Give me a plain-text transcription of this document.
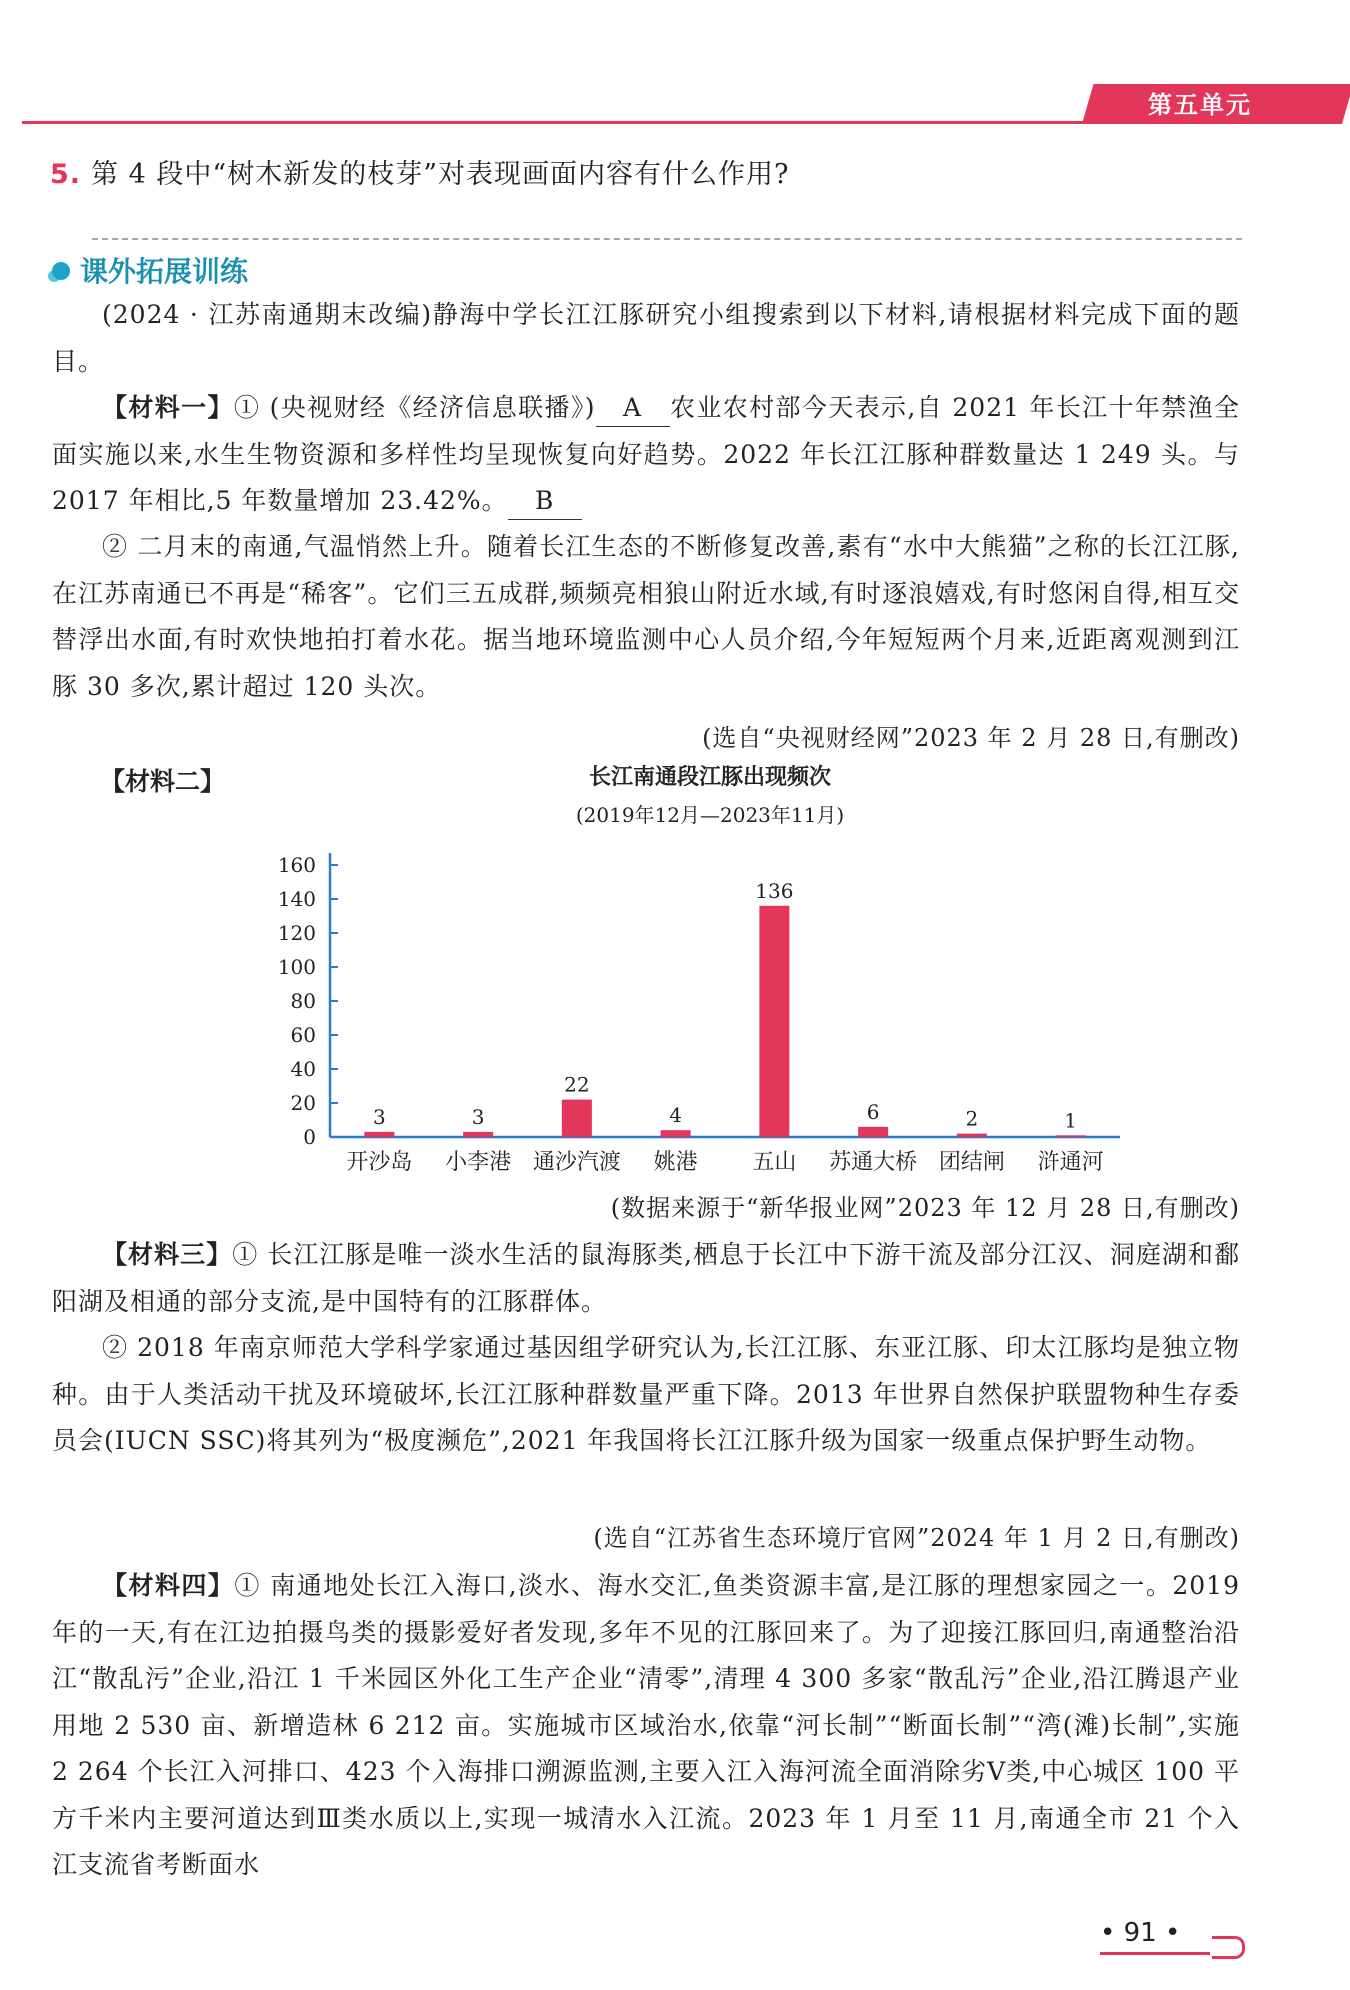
第五单元
5. 第 4 段中“树木新发的枝芽”对表现画面内容有什么作用?
课外拓展训练

(2024 · 江苏南通期末改编)静海中学长江江豚研究小组搜索到以下材料,请根据材料完成下面的题目。

【材料一】① (央视财经《经济信息联播》) A 农业农村部今天表示,自 2021 年长江十年禁渔全面实施以来,水生生物资源和多样性均呈现恢复向好趋势。2022 年长江江豚种群数量达 1 249 头。与 2017 年相比,5 年数量增加 23.42%。 B

② 二月末的南通,气温悄然上升。随着长江生态的不断修复改善,素有“水中大熊猫”之称的长江江豚,在江苏南通已不再是“稀客”。它们三五成群,频频亮相狼山附近水域,有时逐浪嬉戏,有时悠闲自得,相互交替浮出水面,有时欢快地拍打着水花。据当地环境监测中心人员介绍,今年短短两个月来,近距离观测到江豚 30 多次,累计超过 120 头次。

(选自“央视财经网”2023 年 2 月 28 日,有删改)
【材料二】	长江南通段江豚出现频次
(2019年12月—2023年11月)
0
20
40
60
80
100
120
140
160
3
开沙岛
3
小李港
22
通沙汽渡
4
姚港
136
五山
6
苏通大桥
2
团结闸
1
浒通河
(数据来源于“新华报业网”2023 年 12 月 28 日,有删改)

【材料三】① 长江江豚是唯一淡水生活的鼠海豚类,栖息于长江中下游干流及部分江汉、洞庭湖和鄱阳湖及相通的部分支流,是中国特有的江豚群体。

② 2018 年南京师范大学科学家通过基因组学研究认为,长江江豚、东亚江豚、印太江豚均是独立物种。由于人类活动干扰及环境破坏,长江江豚种群数量严重下降。2013 年世界自然保护联盟物种生存委员会(IUCN SSC)将其列为“极度濒危”,2021 年我国将长江江豚升级为国家一级重点保护野生动物。

(选自“江苏省生态环境厅官网”2024 年 1 月 2 日,有删改)

【材料四】① 南通地处长江入海口,淡水、海水交汇,鱼类资源丰富,是江豚的理想家园之一。2019 年的一天,有在江边拍摄鸟类的摄影爱好者发现,多年不见的江豚回来了。为了迎接江豚回归,南通整治沿江“散乱污”企业,沿江 1 千米园区外化工生产企业“清零”,清理 4 300 多家“散乱污”企业,沿江腾退产业用地 2 530 亩、新增造林 6 212 亩。实施城市区域治水,依靠“河长制”“断面长制”“湾(滩)长制”,实施 2 264 个长江入河排口、423 个入海排口溯源监测,主要入江入海河流全面消除劣Ⅴ类,中心城区 100 平方千米内主要河道达到Ⅲ类水质以上,实现一城清水入江流。2023 年 1 月至 11 月,南通全市 21 个入江支流省考断面水

• 91 •
